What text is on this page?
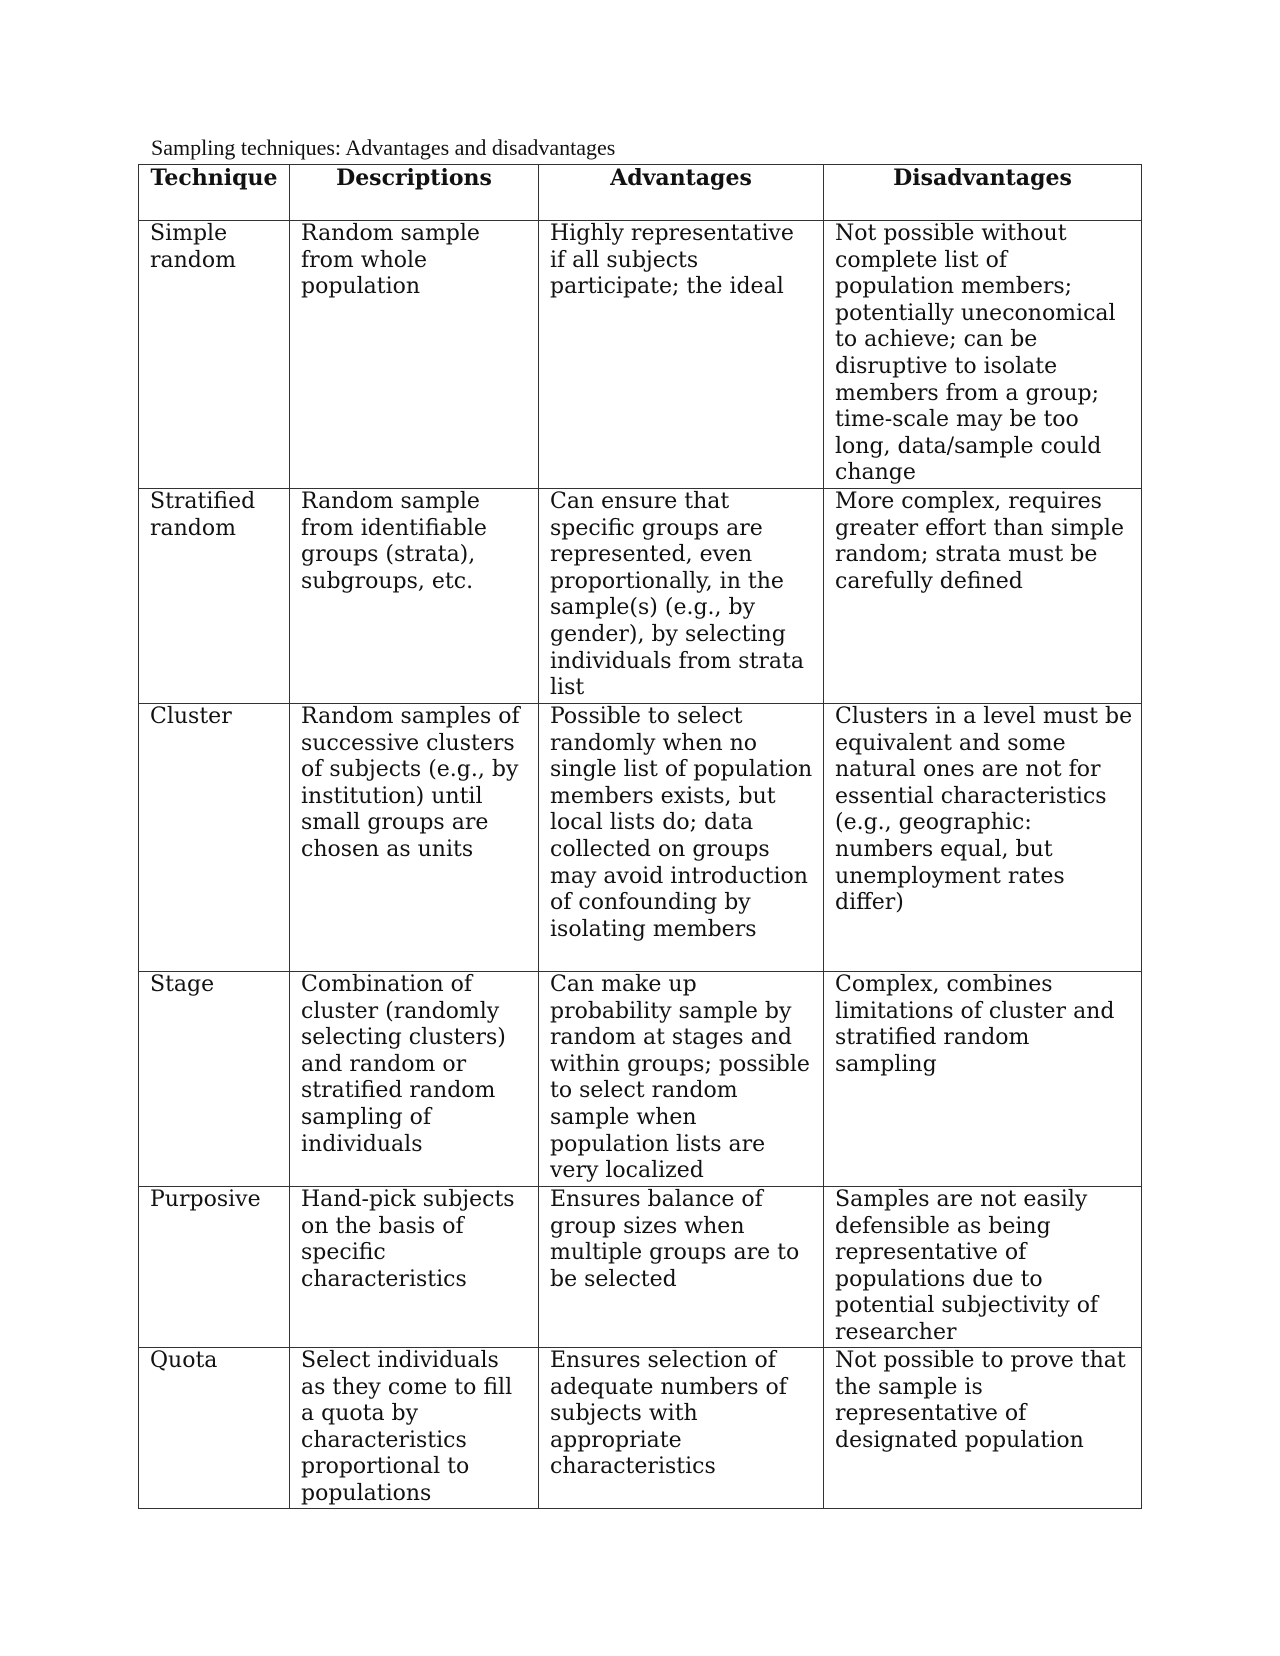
Sampling techniques: Advantages and disadvantages
Technique	Descriptions	Advantages	Disadvantages
Simple random	Random sample from whole population	Highly representative if all subjects participate; the ideal	Not possible without complete list of population members; potentially uneconomical to achieve; can be disruptive to isolate members from a group; time-scale may be too long, data/sample could change
Stratified random	Random sample from identifiable groups (strata), subgroups, etc.	Can ensure that specific groups are represented, even proportionally, in the sample(s) (e.g., by gender), by selecting individuals from strata list	More complex, requires greater effort than simple random; strata must be carefully defined
Cluster	Random samples of successive clusters of subjects (e.g., by institution) until small groups are chosen as units	Possible to select randomly when no single list of population members exists, but local lists do; data collected on groups may avoid introduction of confounding by isolating members	Clusters in a level must be equivalent and some natural ones are not for essential characteristics (e.g., geographic: numbers equal, but unemployment rates differ)
Stage	Combination of cluster (randomly selecting clusters) and random or stratified random sampling of individuals	Can make up probability sample by random at stages and within groups; possible to select random sample when population lists are very localized	Complex, combines limitations of cluster and stratified random sampling
Purposive	Hand-pick subjects on the basis of specific characteristics	Ensures balance of group sizes when multiple groups are to be selected	Samples are not easily defensible as being representative of populations due to potential subjectivity of researcher
Quota	Select individuals as they come to fill a quota by characteristics proportional to populations	Ensures selection of adequate numbers of subjects with appropriate characteristics	Not possible to prove that the sample is representative of designated population
